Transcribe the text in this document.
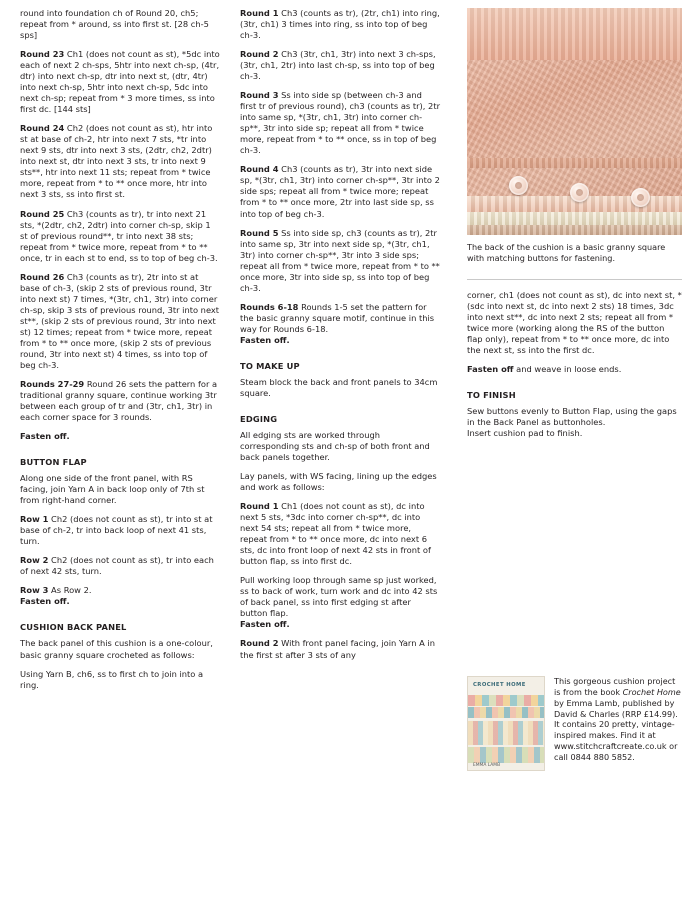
round into foundation ch of Round 20, ch5; repeat from * around, ss into first st. [28 ch-5 sps]

Round 23 Ch1 (does not count as st), *5dc into each of next 2 ch-sps, 5htr into next ch-sp, (4tr, dtr) into next ch-sp, dtr into next st, (dtr, 4tr) into next ch-sp, 5htr into next ch-sp, 5dc into next ch-sp; repeat from * 3 more times, ss into first dc. [144 sts]

Round 24 Ch2 (does not count as st), htr into st at base of ch-2, htr into next 7 sts, *tr into next 9 sts, dtr into next 3 sts, (2dtr, ch2, 2dtr) into next st, dtr into next 3 sts, tr into next 9 sts**, htr into next 11 sts; repeat from * twice more, repeat from * to ** once more, htr into next 3 sts, ss into first st.

Round 25 Ch3 (counts as tr), tr into next 21 sts, *(2dtr, ch2, 2dtr) into corner ch-sp, skip 1 st of previous round**, tr into next 38 sts; repeat from * twice more, repeat from * to ** once, tr in each st to end, ss to top of beg ch-3.

Round 26 Ch3 (counts as tr), 2tr into st at base of ch-3, (skip 2 sts of previous round, 3tr into next st) 7 times, *(3tr, ch1, 3tr) into corner ch-sp, skip 3 sts of previous round, 3tr into next st**, (skip 2 sts of previous round, 3tr into next st) 12 times; repeat from * twice more, repeat from * to ** once more, (skip 2 sts of previous round, 3tr into next st) 4 times, ss into top of beg ch-3.

Rounds 27-29 Round 26 sets the pattern for a traditional granny square, continue working 3tr between each group of tr and (3tr, ch1, 3tr) in each corner space for 3 rounds.

Fasten off.

BUTTON FLAP

Along one side of the front panel, with RS facing, join Yarn A in back loop only of 7th st from right-hand corner.

Row 1 Ch2 (does not count as st), tr into st at base of ch-2, tr into back loop of next 41 sts, turn.

Row 2 Ch2 (does not count as st), tr into each of next 42 sts, turn.

Row 3 As Row 2.

Fasten off.

CUSHION BACK PANEL

The back panel of this cushion is a one-colour, basic granny square crocheted as follows:

Using Yarn B, ch6, ss to first ch to join into a ring.

Round 1 Ch3 (counts as tr), (2tr, ch1) into ring, (3tr, ch1) 3 times into ring, ss into top of beg ch-3.

Round 2 Ch3 (3tr, ch1, 3tr) into next 3 ch-sps, (3tr, ch1, 2tr) into last ch-sp, ss into top of beg ch-3.

Round 3 Ss into side sp (between ch-3 and first tr of previous round), ch3 (counts as tr), 2tr into same sp, *(3tr, ch1, 3tr) into corner ch-sp**, 3tr into side sp; repeat all from * twice more, repeat from * to ** once, ss in top of beg ch-3.

Round 4 Ch3 (counts as tr), 3tr into next side sp, *(3tr, ch1, 3tr) into corner ch-sp**, 3tr into 2 side sps; repeat all from * twice more; repeat from * to ** once more, 2tr into last side sp, ss into top of beg ch-3.

Round 5 Ss into side sp, ch3 (counts as tr), 2tr into same sp, 3tr into next side sp, *(3tr, ch1, 3tr) into corner ch-sp**, 3tr into 3 side sps; repeat all from * twice more, repeat from * to ** once more, 3tr into side sp, ss into top of beg ch-3.

Rounds 6-18 Rounds 1-5 set the pattern for the basic granny square motif, continue in this way for Rounds 6-18.

Fasten off.

TO MAKE UP

Steam block the back and front panels to 34cm square.

EDGING

All edging sts are worked through corresponding sts and ch-sp of both front and back panels together.

Lay panels, with WS facing, lining up the edges and work as follows:

Round 1 Ch1 (does not count as st), dc into next 5 sts, *3dc into corner ch-sp**, dc into next 54 sts; repeat all from * twice more, repeat from * to ** once more, dc into next 6 sts, dc into front loop of next 42 sts in front of button flap, ss into first dc.

Pull working loop through same sp just worked, ss to back of work, turn work and dc into 42 sts of back panel, ss into first edging st after button flap.

Fasten off.

Round 2 With front panel facing, join Yarn A in the first st after 3 sts of any

The back of the cushion is a basic granny square with matching buttons for fastening.

corner, ch1 (does not count as st), dc into next st, *(sdc into next st, dc into next 2 sts) 18 times, 3dc into next st**, dc into next 2 sts; repeat all from * twice more (working along the RS of the button flap only), repeat from * to ** once more, dc into the next st, ss into the first dc.

Fasten off and weave in loose ends.

TO FINISH

Sew buttons evenly to Button Flap, using the gaps in the Back Panel as buttonholes.

Insert cushion pad to finish.

CROCHET HOME
EMMA LAMB
This gorgeous cushion project is from the book Crochet Home by Emma Lamb, published by David & Charles (RRP £14.99). It contains 20 pretty, vintage-inspired makes. Find it at www.stitchcraftcreate.co.uk or call 0844 880 5852.
